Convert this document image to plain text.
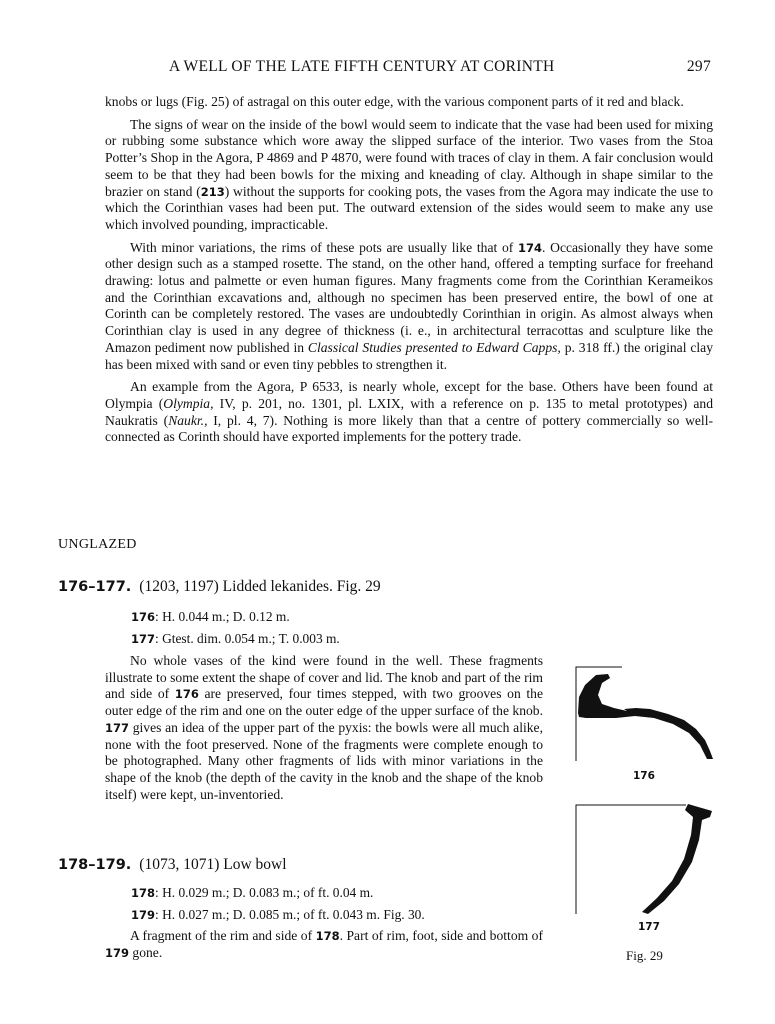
A WELL OF THE LATE FIFTH CENTURY AT CORINTH	297

knobs or lugs (Fig. 25) of astragal on this outer edge, with the various component parts of it red and black.

The signs of wear on the inside of the bowl would seem to indicate that the vase had been used for mixing or rubbing some substance which wore away the slipped surface of the interior. Two vases from the Stoa Potter’s Shop in the Agora, P 4869 and P 4870, were found with traces of clay in them. A fair conclusion would seem to be that they had been bowls for the mixing and kneading of clay. Although in shape similar to the brazier on stand (213) without the supports for cooking pots, the vases from the Agora may indicate the use to which the Corinthian vases had been put. The outward extension of the sides would seem to make any use which involved pounding, impracticable.

With minor variations, the rims of these pots are usually like that of 174. Occasionally they have some other design such as a stamped rosette. The stand, on the other hand, offered a tempting surface for freehand drawing: lotus and palmette or even human figures. Many fragments come from the Corinthian Kerameikos and the Corinthian excavations and, although no specimen has been preserved entire, the bowl of one at Corinth can be completely restored. The vases are undoubtedly Corinthian in origin. As almost always when Corinthian clay is used in any degree of thickness (i. e., in architectural terracottas and sculpture like the Amazon pediment now published in Classical Studies presented to Edward Capps, p. 318 ff.) the original clay has been mixed with sand or even tiny pebbles to strengthen it.

An example from the Agora, P 6533, is nearly whole, except for the base. Others have been found at Olympia (Olympia, IV, p. 201, no. 1301, pl. LXIX, with a reference on p. 135 to metal prototypes) and Naukratis (Naukr., I, pl. 4, 7). Nothing is more likely than that a centre of pottery commercially so well-connected as Corinth should have exported implements for the pottery trade.

UNGLAZED
176–177. (1203, 1197) Lidded lekanides. Fig. 29
176: H. 0.044 m.; D. 0.12 m.
177: Gtest. dim. 0.054 m.; T. 0.003 m.

No whole vases of the kind were found in the well. These fragments illustrate to some extent the shape of cover and lid. The knob and part of the rim and side of 176 are preserved, four times stepped, with two grooves on the outer edge of the rim and one on the outer edge of the upper surface of the knob. 177 gives an idea of the upper part of the pyxis: the bowls were all much alike, none with the foot preserved. None of the fragments were complete enough to be photographed. Many other fragments of lids with minor variations in the shape of the knob (the depth of the cavity in the knob and the shape of the knob itself) were kept, un-inventoried.

178–179. (1073, 1071) Low bowl
178: H. 0.029 m.; D. 0.083 m.; of ft. 0.04 m.
179: H. 0.027 m.; D. 0.085 m.; of ft. 0.043 m. Fig. 30.

A fragment of the rim and side of 178. Part of rim, foot, side and bottom of 179 gone.

176
177
Fig. 29
